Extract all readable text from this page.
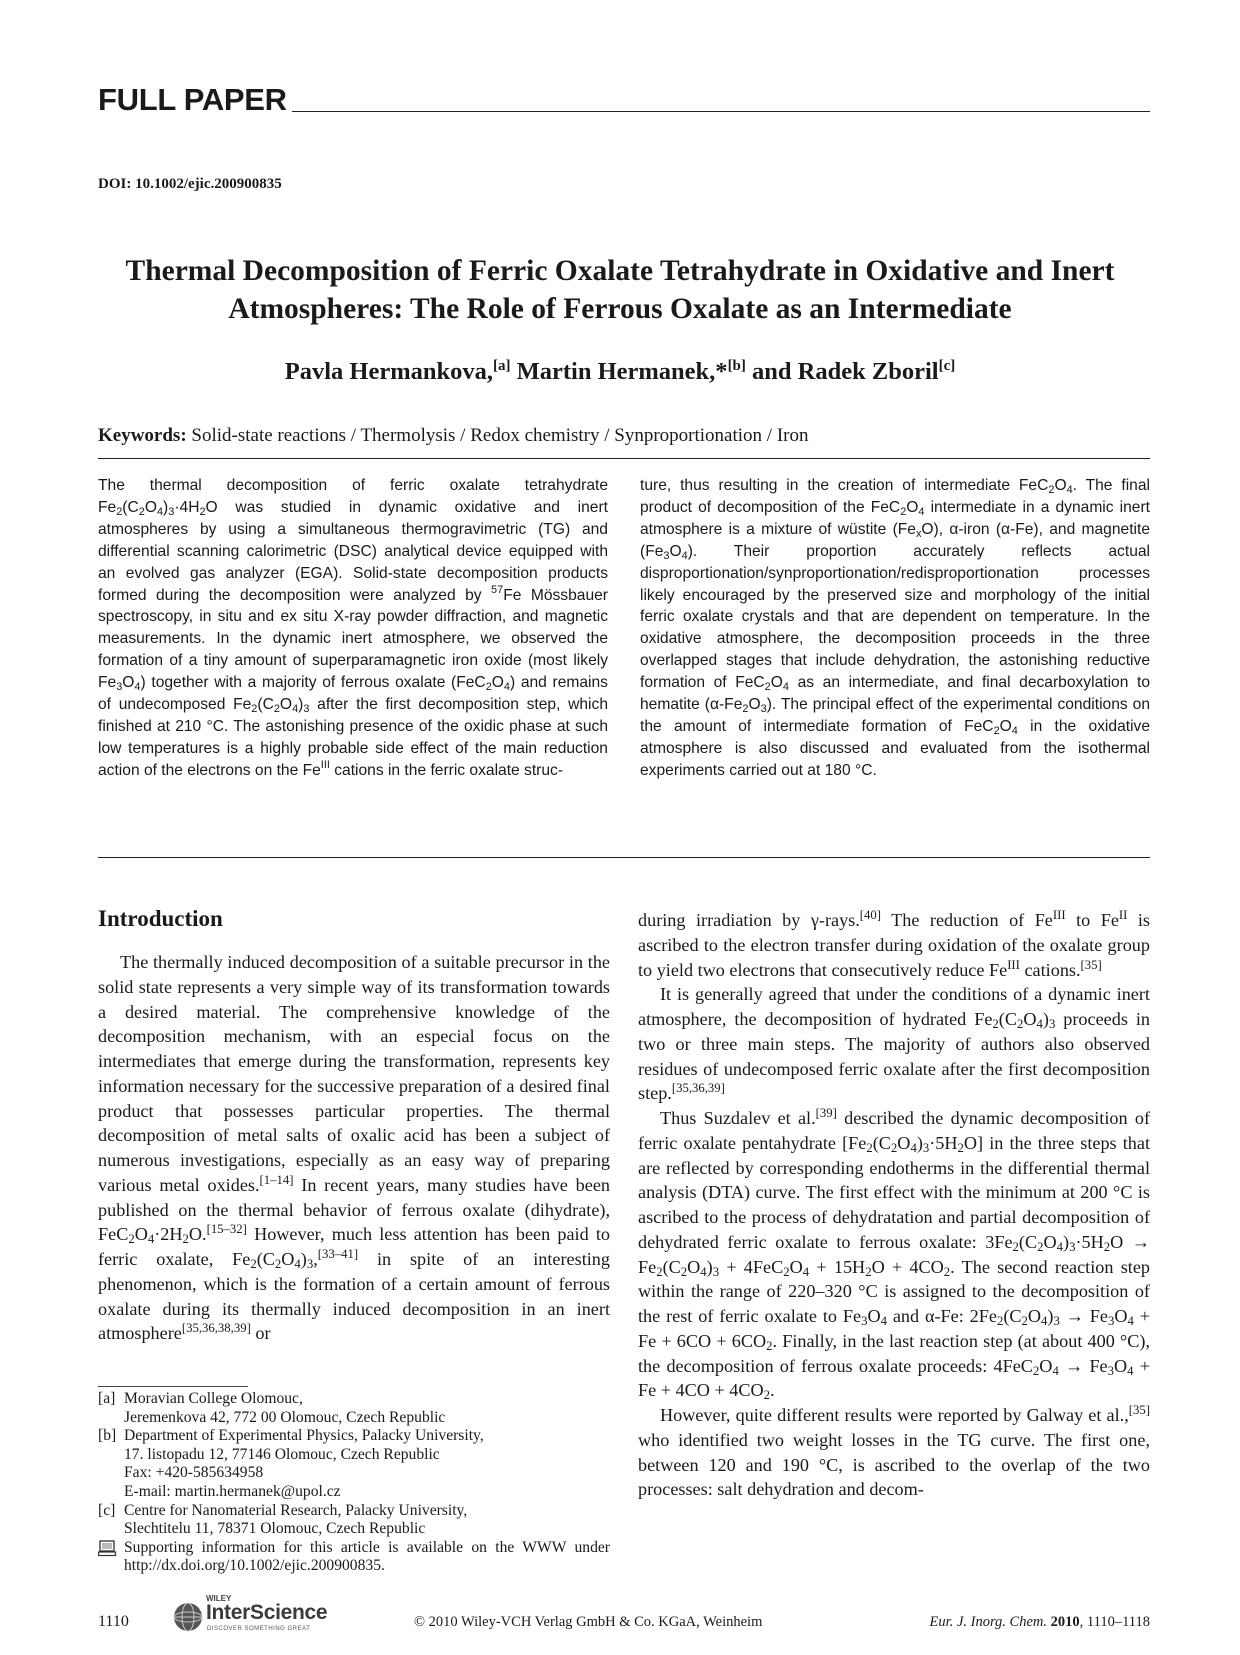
FULL PAPER
DOI: 10.1002/ejic.200900835
Thermal Decomposition of Ferric Oxalate Tetrahydrate in Oxidative and Inert
Atmospheres: The Role of Ferrous Oxalate as an Intermediate
Pavla Hermankova,[a] Martin Hermanek,*[b] and Radek Zboril[c]
Keywords: Solid-state reactions / Thermolysis / Redox chemistry / Synproportionation / Iron
The thermal decomposition of ferric oxalate tetrahydrate $Fe_2(C_2O_4)_3\cdot 4H_2O$ was studied in dynamic oxidative and inert atmospheres by using a simultaneous thermogravimetric (TG) and differential scanning calorimetric (DSC) analytical device equipped with an evolved gas analyzer (EGA). Solid-state decomposition products formed during the decomposition were analyzed by $^{57}$Fe Mössbauer spectroscopy, in situ and ex situ X-ray powder diffraction, and magnetic measurements. In the dynamic inert atmosphere, we observed the formation of a tiny amount of superparamagnetic iron oxide (most likely $Fe_3O_4$) together with a majority of ferrous oxalate $(FeC_2O_4)$ and remains of undecomposed $Fe_2(C_2O_4)_3$ after the first decomposition step, which finished at 210 °C. The astonishing presence of the oxidic phase at such low temperatures is a highly probable side effect of the main reduction action of the electrons on the $Fe^{III}$ cations in the ferric oxalate struc-
ture, thus resulting in the creation of intermediate $FeC_2O_4$. The final product of decomposition of the $FeC_2O_4$ intermediate in a dynamic inert atmosphere is a mixture of wüstite $(Fe_xO)$, α-iron (α-Fe), and magnetite $(Fe_3O_4)$. Their proportion accurately reflects actual disproportionation/synproportionation/redisproportionation processes likely encouraged by the preserved size and morphology of the initial ferric oxalate crystals and that are dependent on temperature. In the oxidative atmosphere, the decomposition proceeds in the three overlapped stages that include dehydration, the astonishing reductive formation of $FeC_2O_4$ as an intermediate, and final decarboxylation to hematite $(\alpha-Fe_2O_3)$. The principal effect of the experimental conditions on the amount of intermediate formation of $FeC_2O_4$ in the oxidative atmosphere is also discussed and evaluated from the isothermal experiments carried out at 180 °C.
Introduction

The thermally induced decomposition of a suitable precursor in the solid state represents a very simple way of its transformation towards a desired material. The comprehensive knowledge of the decomposition mechanism, with an especial focus on the intermediates that emerge during the transformation, represents key information necessary for the successive preparation of a desired final product that possesses particular properties. The thermal decomposition of metal salts of oxalic acid has been a subject of numerous investigations, especially as an easy way of preparing various metal oxides.[1–14] In recent years, many studies have been published on the thermal behavior of ferrous oxalate (dihydrate), $FeC_2O_4\cdot 2H_2O.[15-32]$ However, much less attention has been paid to ferric oxalate, $Fe_2(C_2O_4)_3,[33-41]$ in spite of an interesting phenomenon, which is the formation of a certain amount of ferrous oxalate during its thermally induced decomposition in an inert atmosphere[35,36,38,39] or

during irradiation by γ-rays.[40] The reduction of $Fe^{III}$ to $Fe^{II}$ is ascribed to the electron transfer during oxidation of the oxalate group to yield two electrons that consecutively reduce $Fe^{III}$ cations.[35]

It is generally agreed that under the conditions of a dynamic inert atmosphere, the decomposition of hydrated $Fe_2(C_2O_4)_3$ proceeds in two or three main steps. The majority of authors also observed residues of undecomposed ferric oxalate after the first decomposition step.[35,36,39]

Thus Suzdalev et al.[39] described the dynamic decomposition of ferric oxalate pentahydrate $[Fe_2(C_2O_4)_3\cdot 5H_2O]$ in the three steps that are reflected by corresponding endotherms in the differential thermal analysis (DTA) curve. The first effect with the minimum at 200 °C is ascribed to the process of dehydratation and partial decomposition of dehydrated ferric oxalate to ferrous oxalate: $3Fe_2(C_2O_4)_3\cdot 5H_2O \to Fe_2(C_2O_4)_3 + 4FeC_2O_4 + 15H_2O + 4CO_2$. The second reaction step within the range of 220–320 °C is assigned to the decomposition of the rest of ferric oxalate to $Fe_3O_4$ and α-Fe: $2Fe_2(C_2O_4)_3 \to Fe_3O_4 + Fe + 6CO + 6CO_2$. Finally, in the last reaction step (at about 400 °C), the decomposition of ferrous oxalate proceeds: $4FeC_2O_4 \to Fe_3O_4 + Fe + 4CO + 4CO_2$.

However, quite different results were reported by Galway et al.,[35] who identified two weight losses in the TG curve. The first one, between 120 and 190 °C, is ascribed to the overlap of the two processes: salt dehydration and decom-

[a] Moravian College Olomouc,
Jeremenkova 42, 772 00 Olomouc, Czech Republic
[b] Department of Experimental Physics, Palacky University,
17. listopadu 12, 77146 Olomouc, Czech Republic
Fax: +420-585634958
E-mail: martin.hermanek@upol.cz
[c] Centre for Nanomaterial Research, Palacky University,
Slechtitelu 11, 78371 Olomouc, Czech Republic
Supporting information for this article is available on the WWW under http://dx.doi.org/10.1002/ejic.200900835.
1110
WILEY
InterScience
DISCOVER SOMETHING GREAT	© 2010 Wiley-VCH Verlag GmbH & Co. KGaA, Weinheim	Eur. J. Inorg. Chem. 2010, 1110–1118
